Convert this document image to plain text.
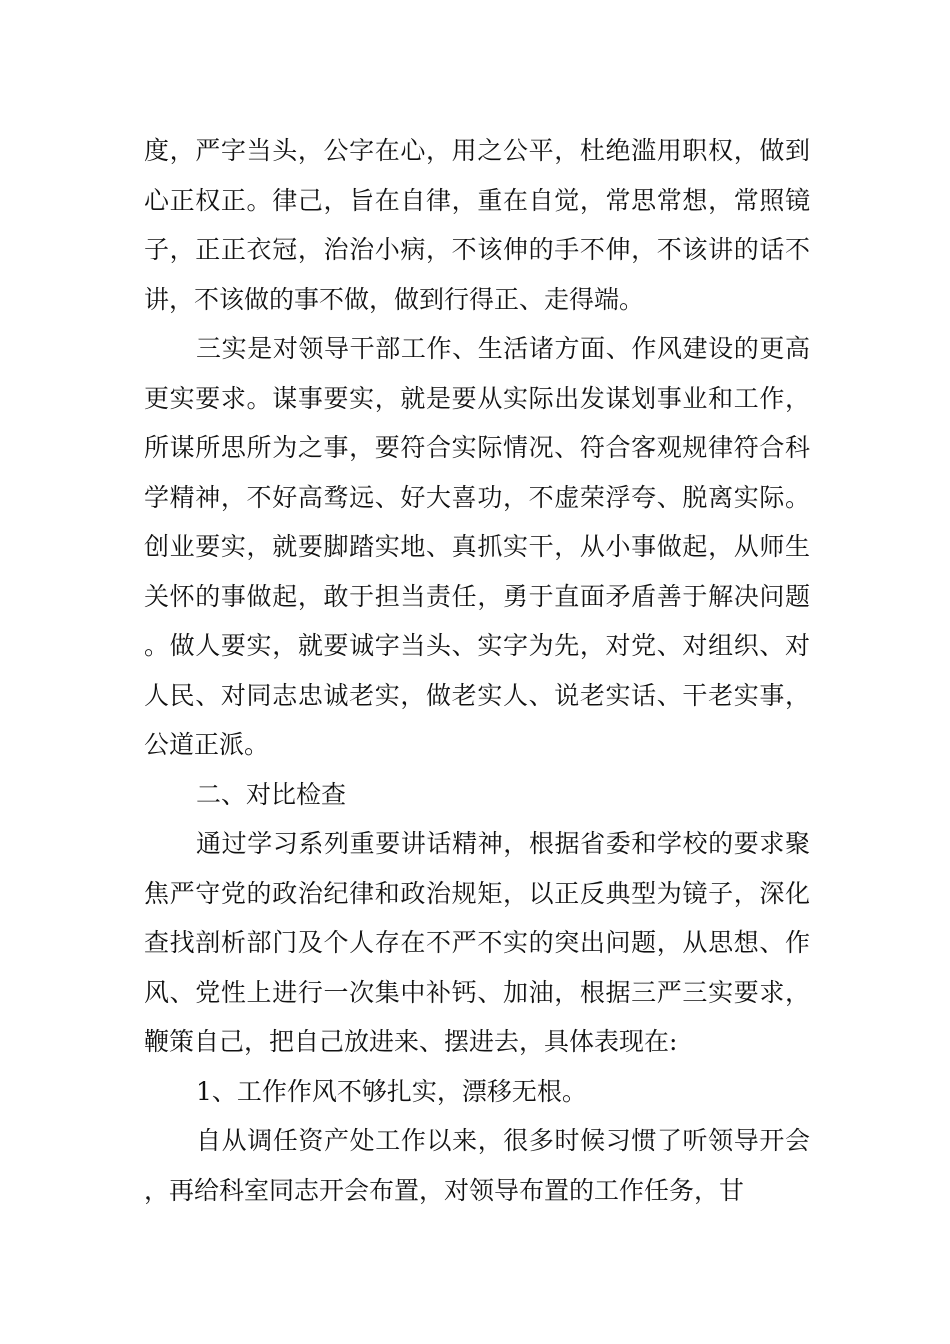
度，严字当头，公字在心，用之公平，杜绝滥用职权，做到心正权正。律己，旨在自律，重在自觉，常思常想，常照镜子，正正衣冠，治治小病，不该伸的手不伸，不该讲的话不讲，不该做的事不做，做到行得正、走得端。

三实是对领导干部工作、生活诸方面、作风建设的更高更实要求。谋事要实，就是要从实际出发谋划事业和工作，所谋所思所为之事，要符合实际情况、符合客观规律符合科学精神，不好高骛远、好大喜功，不虚荣浮夸、脱离实际。创业要实，就要脚踏实地、真抓实干，从小事做起，从师生关怀的事做起，敢于担当责任，勇于直面矛盾善于解决问题。做人要实，就要诚字当头、实字为先，对党、对组织、对人民、对同志忠诚老实，做老实人、说老实话、干老实事，公道正派。

二、对比检查

通过学习系列重要讲话精神，根据省委和学校的要求聚焦严守党的政治纪律和政治规矩，以正反典型为镜子，深化查找剖析部门及个人存在不严不实的突出问题，从思想、作风、党性上进行一次集中补钙、加油，根据三严三实要求，鞭策自己，把自己放进来、摆进去，具体表现在:

1、工作作风不够扎实，漂移无根。

自从调任资产处工作以来，很多时候习惯了听领导开会，再给科室同志开会布置，对领导布置的工作任务，甘
